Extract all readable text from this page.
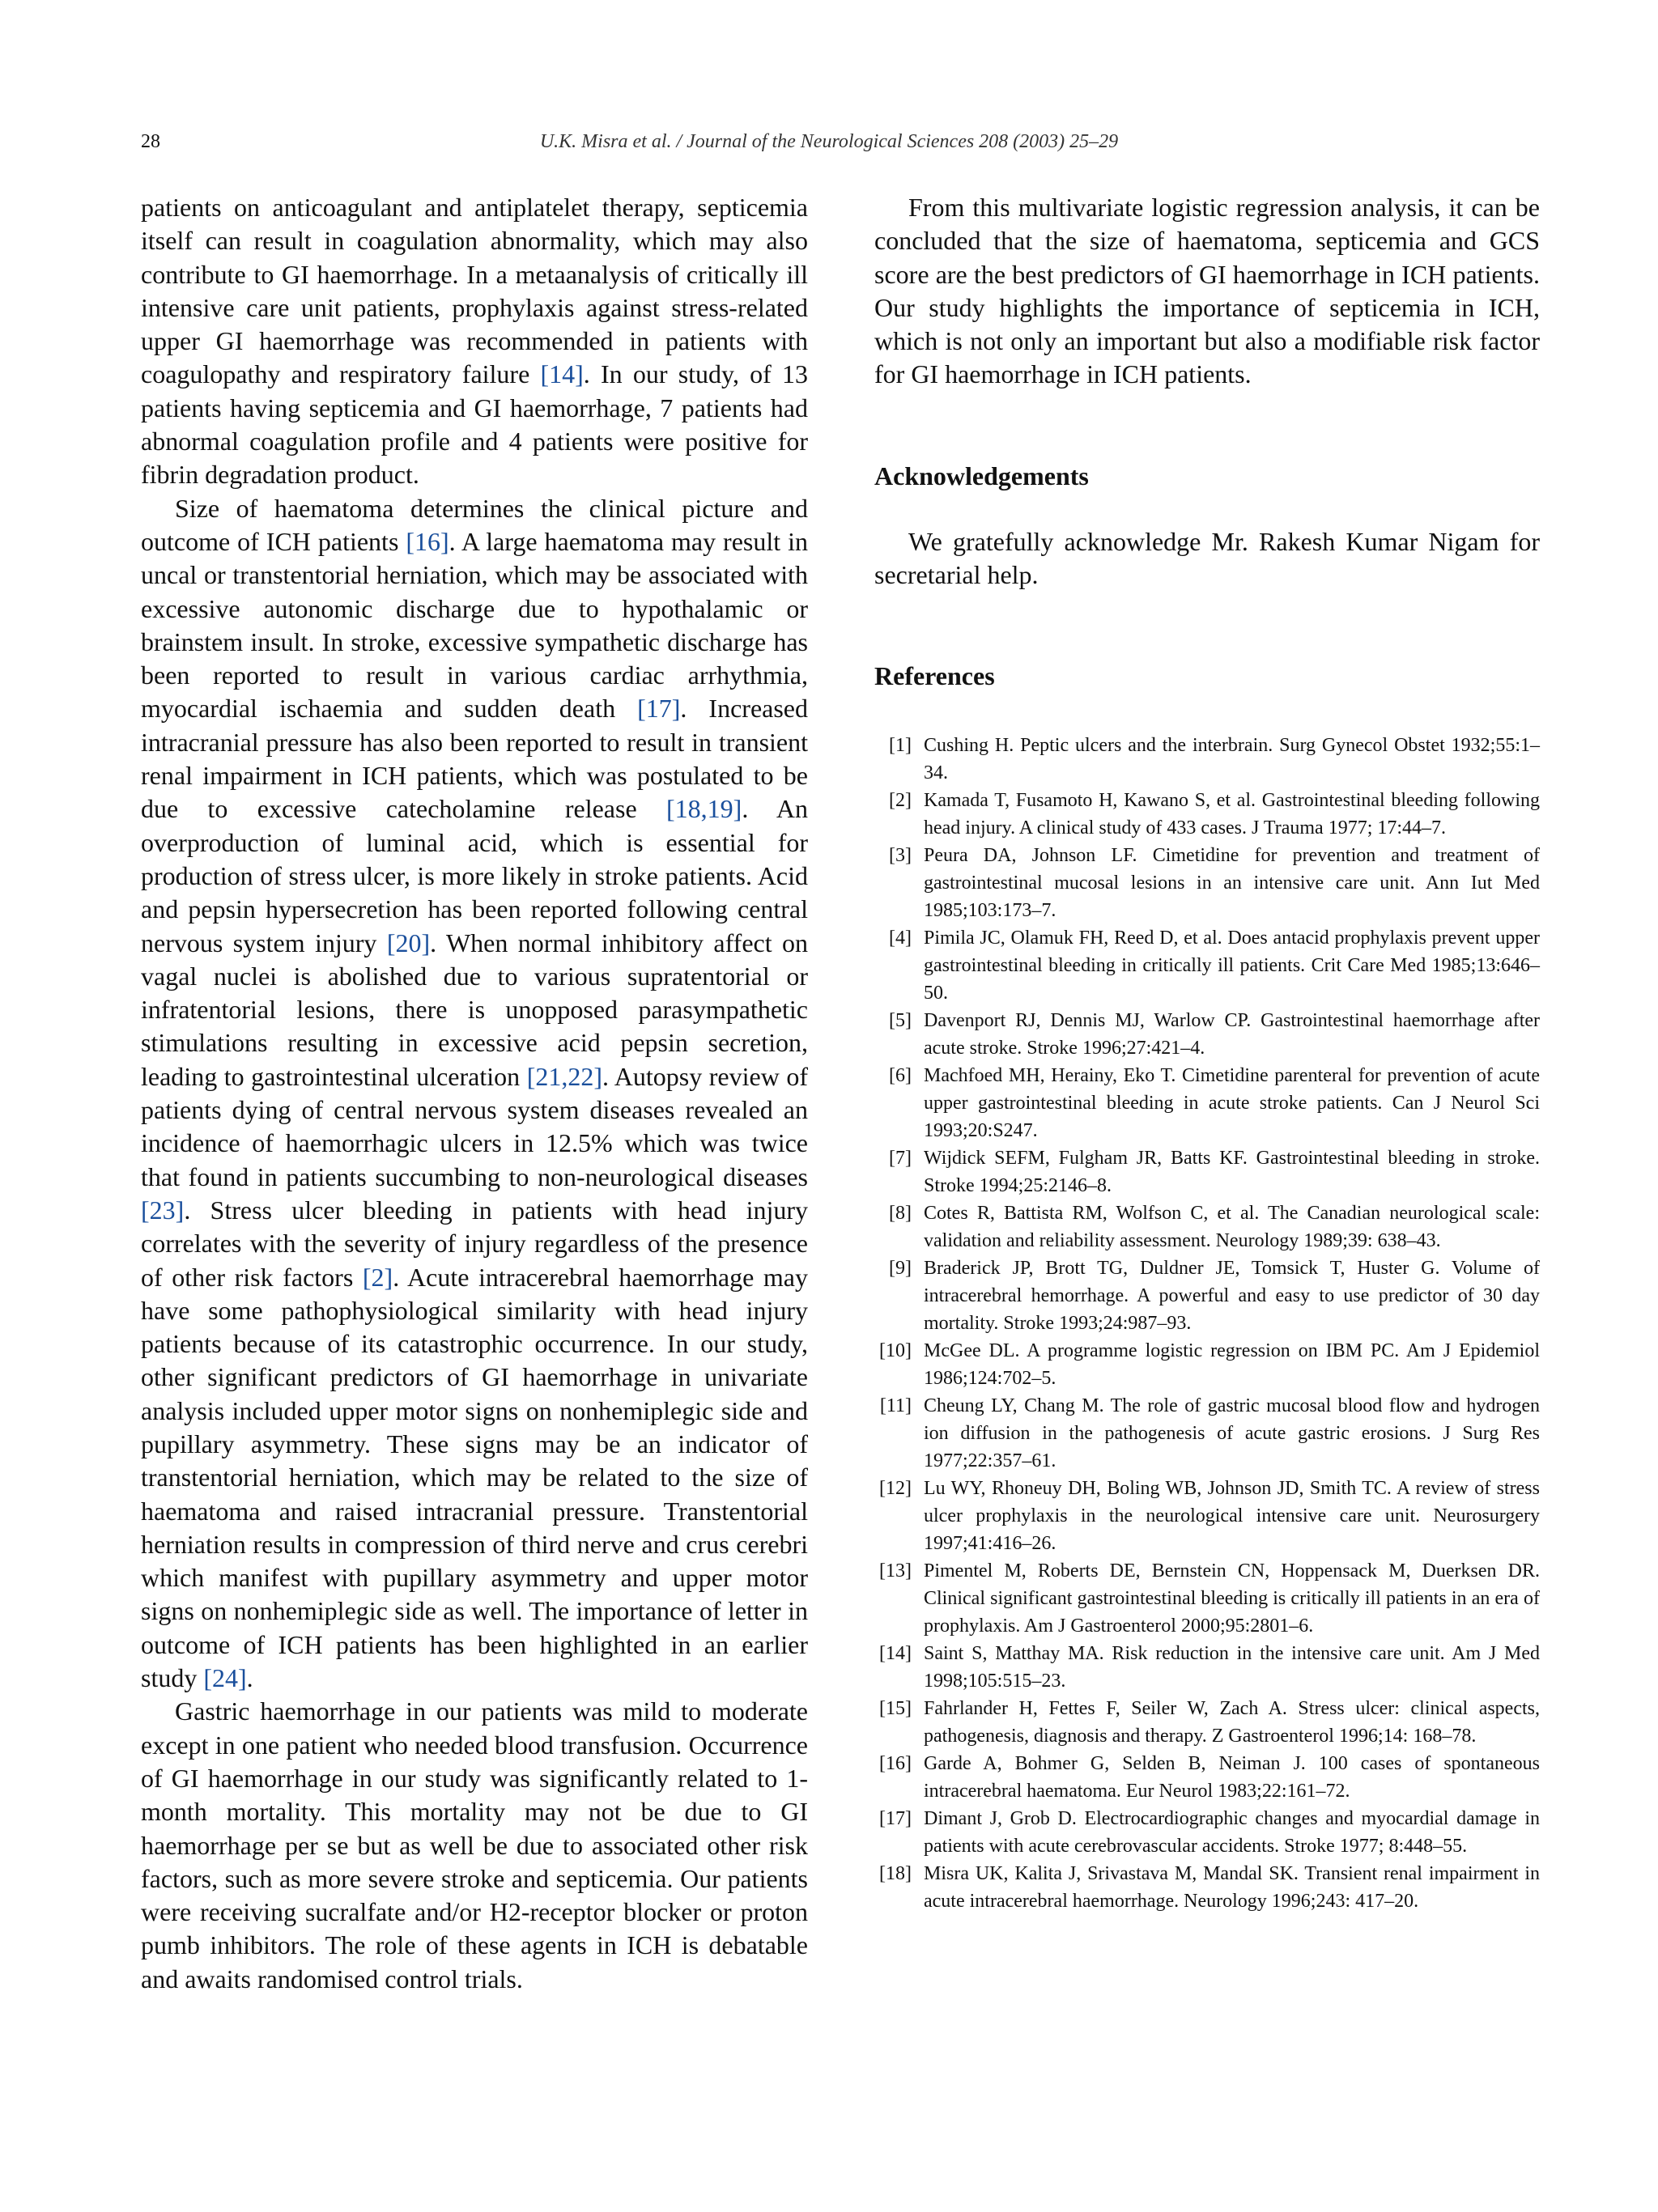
28	U.K. Misra et al. / Journal of the Neurological Sciences 208 (2003) 25–29

patients on anticoagulant and antiplatelet therapy, septicemia itself can result in coagulation abnormality, which may also contribute to GI haemorrhage. In a metaanalysis of critically ill intensive care unit patients, prophylaxis against stress-related upper GI haemorrhage was recommended in patients with coagulopathy and respiratory failure [14]. In our study, of 13 patients having septicemia and GI haemorrhage, 7 patients had abnormal coagulation profile and 4 patients were positive for fibrin degradation product.

Size of haematoma determines the clinical picture and outcome of ICH patients [16]. A large haematoma may result in uncal or transtentorial herniation, which may be associated with excessive autonomic discharge due to hypothalamic or brainstem insult. In stroke, excessive sympathetic discharge has been reported to result in various cardiac arrhythmia, myocardial ischaemia and sudden death [17]. Increased intracranial pressure has also been reported to result in transient renal impairment in ICH patients, which was postulated to be due to excessive catecholamine release [18,19]. An overproduction of luminal acid, which is essential for production of stress ulcer, is more likely in stroke patients. Acid and pepsin hypersecretion has been reported following central nervous system injury [20]. When normal inhibitory affect on vagal nuclei is abolished due to various supratentorial or infratentorial lesions, there is unopposed parasympathetic stimulations resulting in excessive acid pepsin secretion, leading to gastrointestinal ulceration [21,22]. Autopsy review of patients dying of central nervous system diseases revealed an incidence of haemorrhagic ulcers in 12.5% which was twice that found in patients succumbing to non-neurological diseases [23]. Stress ulcer bleeding in patients with head injury correlates with the severity of injury regardless of the presence of other risk factors [2]. Acute intracerebral haemorrhage may have some pathophysiological similarity with head injury patients because of its catastrophic occurrence. In our study, other significant predictors of GI haemorrhage in univariate analysis included upper motor signs on nonhemiplegic side and pupillary asymmetry. These signs may be an indicator of transtentorial herniation, which may be related to the size of haematoma and raised intracranial pressure. Transtentorial herniation results in compression of third nerve and crus cerebri which manifest with pupillary asymmetry and upper motor signs on nonhemiplegic side as well. The importance of letter in outcome of ICH patients has been highlighted in an earlier study [24].

Gastric haemorrhage in our patients was mild to moderate except in one patient who needed blood transfusion. Occurrence of GI haemorrhage in our study was significantly related to 1-month mortality. This mortality may not be due to GI haemorrhage per se but as well be due to associated other risk factors, such as more severe stroke and septicemia. Our patients were receiving sucralfate and/or H2-receptor blocker or proton pumb inhibitors. The role of these agents in ICH is debatable and awaits randomised control trials.

From this multivariate logistic regression analysis, it can be concluded that the size of haematoma, septicemia and GCS score are the best predictors of GI haemorrhage in ICH patients. Our study highlights the importance of septicemia in ICH, which is not only an important but also a modifiable risk factor for GI haemorrhage in ICH patients.

Acknowledgements

We gratefully acknowledge Mr. Rakesh Kumar Nigam for secretarial help.

References
[1] Cushing H. Peptic ulcers and the interbrain. Surg Gynecol Obstet 1932;55:1–34.
[2] Kamada T, Fusamoto H, Kawano S, et al. Gastrointestinal bleeding following head injury. A clinical study of 433 cases. J Trauma 1977; 17:44–7.
[3] Peura DA, Johnson LF. Cimetidine for prevention and treatment of gastrointestinal mucosal lesions in an intensive care unit. Ann Iut Med 1985;103:173–7.
[4] Pimila JC, Olamuk FH, Reed D, et al. Does antacid prophylaxis prevent upper gastrointestinal bleeding in critically ill patients. Crit Care Med 1985;13:646–50.
[5] Davenport RJ, Dennis MJ, Warlow CP. Gastrointestinal haemorrhage after acute stroke. Stroke 1996;27:421–4.
[6] Machfoed MH, Herainy, Eko T. Cimetidine parenteral for prevention of acute upper gastrointestinal bleeding in acute stroke patients. Can J Neurol Sci 1993;20:S247.
[7] Wijdick SEFM, Fulgham JR, Batts KF. Gastrointestinal bleeding in stroke. Stroke 1994;25:2146–8.
[8] Cotes R, Battista RM, Wolfson C, et al. The Canadian neurological scale: validation and reliability assessment. Neurology 1989;39: 638–43.
[9] Braderick JP, Brott TG, Duldner JE, Tomsick T, Huster G. Volume of intracerebral hemorrhage. A powerful and easy to use predictor of 30 day mortality. Stroke 1993;24:987–93.
[10] McGee DL. A programme logistic regression on IBM PC. Am J Epidemiol 1986;124:702–5.
[11] Cheung LY, Chang M. The role of gastric mucosal blood flow and hydrogen ion diffusion in the pathogenesis of acute gastric erosions. J Surg Res 1977;22:357–61.
[12] Lu WY, Rhoneuy DH, Boling WB, Johnson JD, Smith TC. A review of stress ulcer prophylaxis in the neurological intensive care unit. Neurosurgery 1997;41:416–26.
[13] Pimentel M, Roberts DE, Bernstein CN, Hoppensack M, Duerksen DR. Clinical significant gastrointestinal bleeding is critically ill patients in an era of prophylaxis. Am J Gastroenterol 2000;95:2801–6.
[14] Saint S, Matthay MA. Risk reduction in the intensive care unit. Am J Med 1998;105:515–23.
[15] Fahrlander H, Fettes F, Seiler W, Zach A. Stress ulcer: clinical aspects, pathogenesis, diagnosis and therapy. Z Gastroenterol 1996;14: 168–78.
[16] Garde A, Bohmer G, Selden B, Neiman J. 100 cases of spontaneous intracerebral haematoma. Eur Neurol 1983;22:161–72.
[17] Dimant J, Grob D. Electrocardiographic changes and myocardial damage in patients with acute cerebrovascular accidents. Stroke 1977; 8:448–55.
[18] Misra UK, Kalita J, Srivastava M, Mandal SK. Transient renal impairment in acute intracerebral haemorrhage. Neurology 1996;243: 417–20.
